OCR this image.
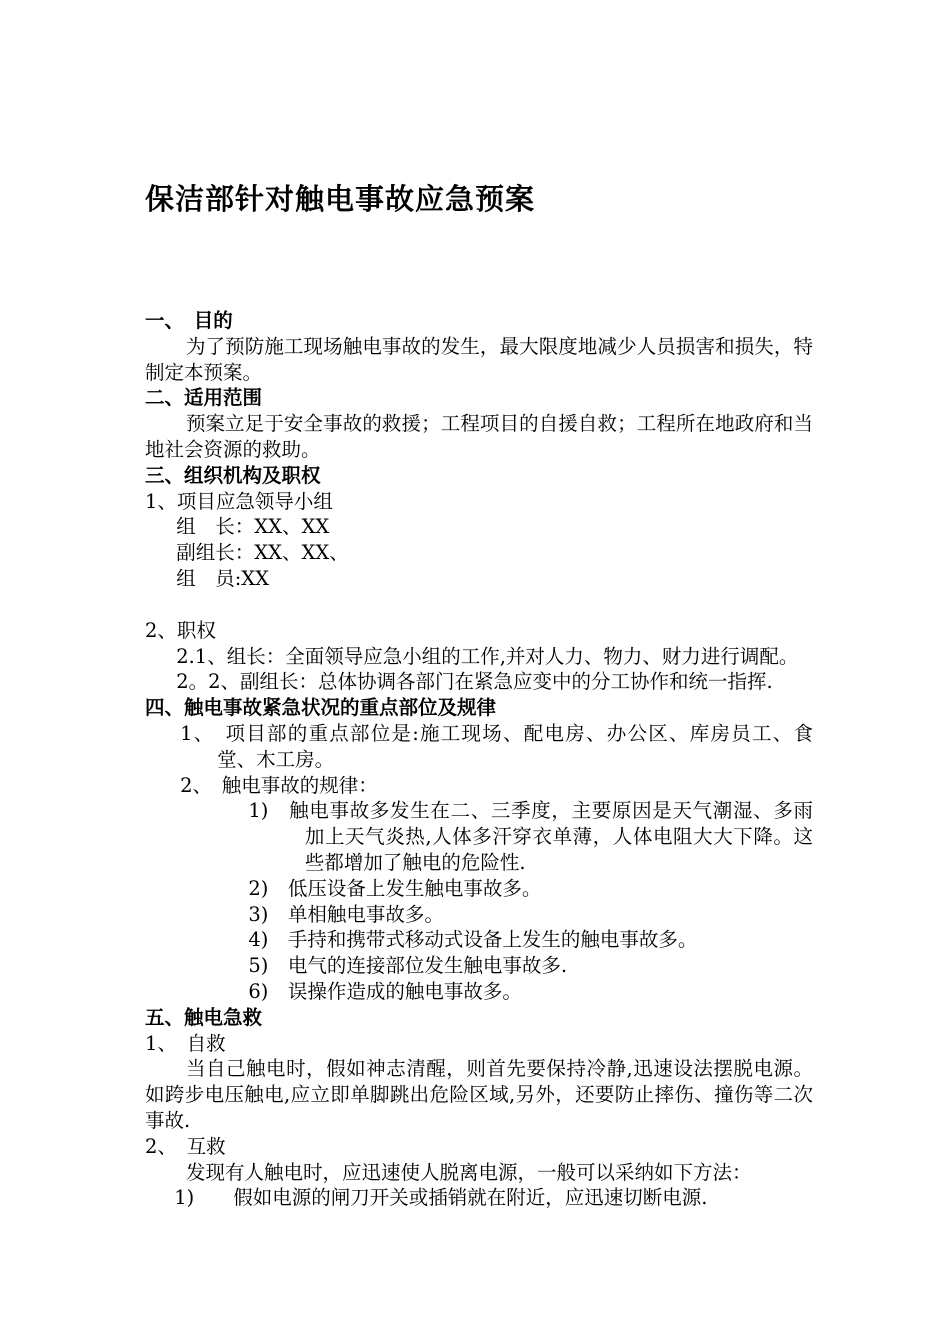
保洁部针对触电事故应急预案

一、　目的

为了预防施工现场触电事故的发生，最大限度地减少人员损害和损失，特制定本预案。

二、适用范围

预案立足于安全事故的救援；工程项目的自援自救；工程所在地政府和当地社会资源的救助。

三、组织机构及职权

1、项目应急领导小组

组　长：XX、XX

副组长：XX、XX、

组　员:XX

2、职权

2.1、组长：全面领导应急小组的工作,并对人力、物力、财力进行调配。

2。2、副组长：总体协调各部门在紧急应变中的分工协作和统一指挥.

四、触电事故紧急状况的重点部位及规律

1、　项目部的重点部位是:施工现场、配电房、办公区、库房员工、食堂、木工房。

2、　触电事故的规律：

1)　触电事故多发生在二、三季度，主要原因是天气潮湿、多雨加上天气炎热,人体多汗穿衣单薄，人体电阻大大下降。这些都增加了触电的危险性.

2)　低压设备上发生触电事故多。

3)　单相触电事故多。

4)　手持和携带式移动式设备上发生的触电事故多。

5)　电气的连接部位发生触电事故多.

6)　误操作造成的触电事故多。

五、触电急救

1、　自救

当自己触电时，假如神志清醒，则首先要保持冷静,迅速设法摆脱电源。如跨步电压触电,应立即单脚跳出危险区域,另外，还要防止摔伤、撞伤等二次事故.

2、　互救

发现有人触电时，应迅速使人脱离电源，一般可以采纳如下方法：

1)　　假如电源的闸刀开关或插销就在附近，应迅速切断电源.
